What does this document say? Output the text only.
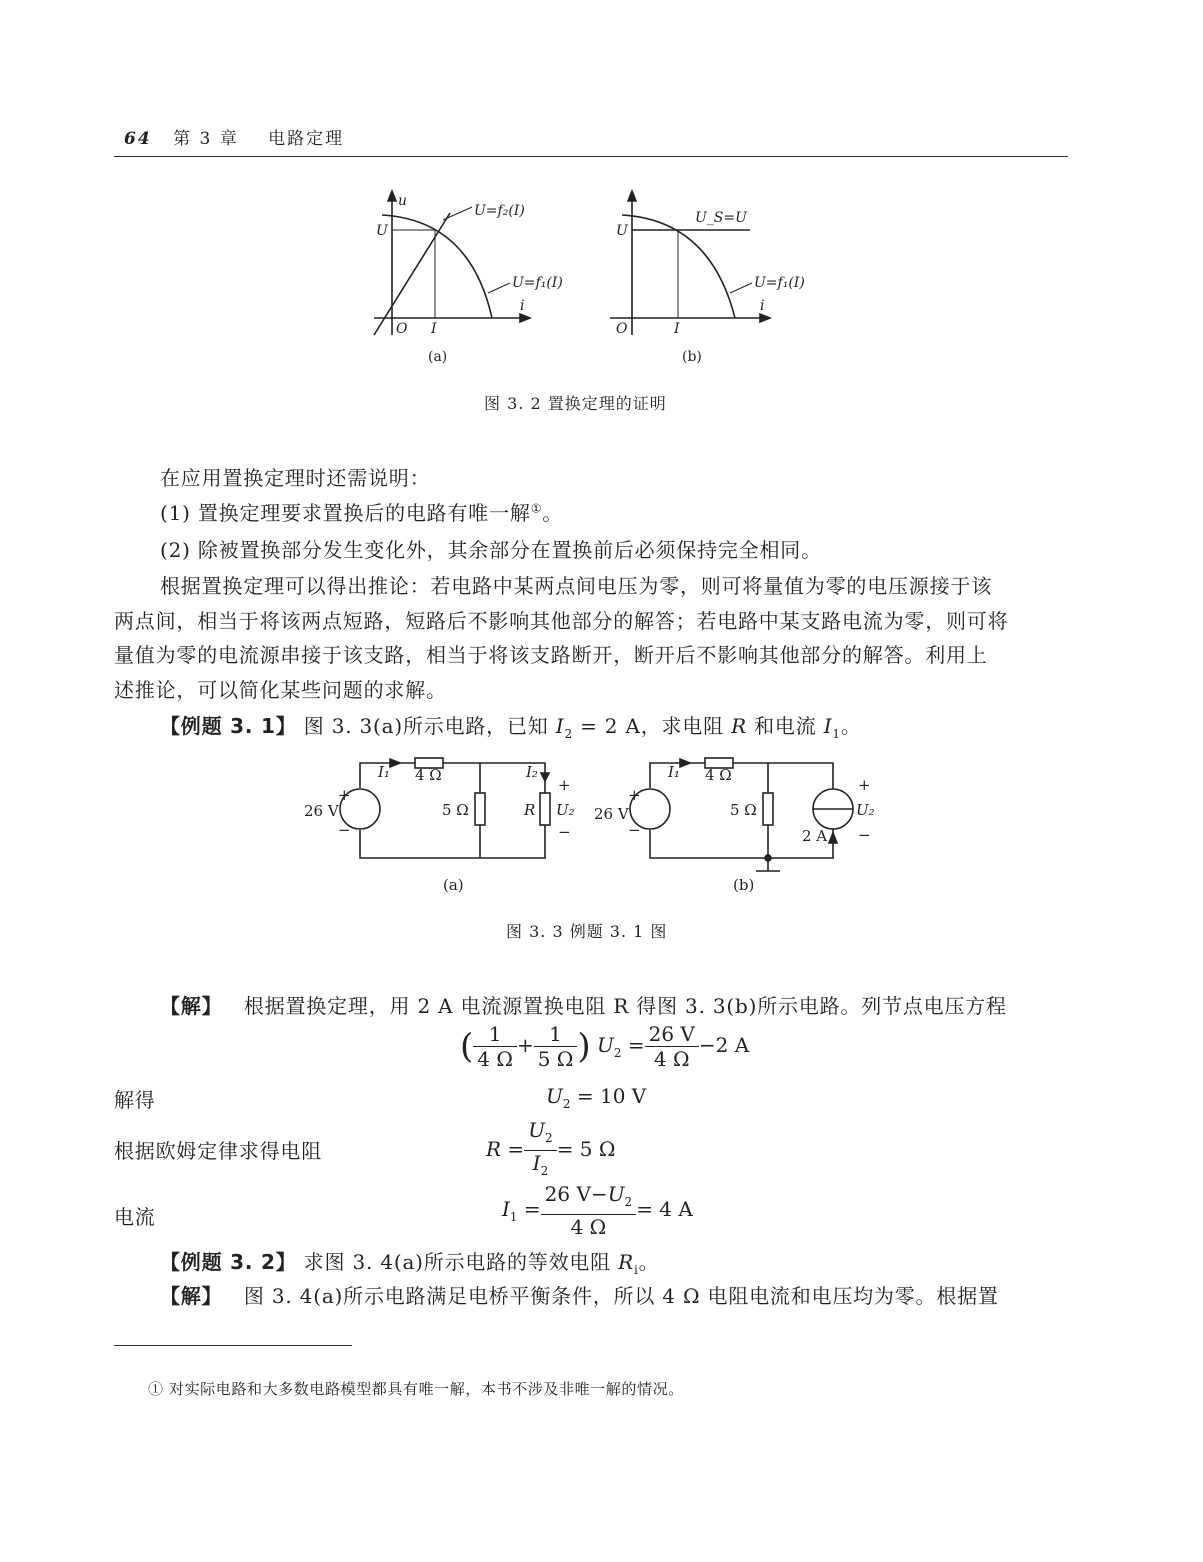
64 第 3 章 电路定理
u
U
U=f₂(I)
U=f₁(I)
i
O I
(a)
U
U_S=U
U=f₁(I)
i
O	I
(b)
图 3. 2 置换定理的证明
在应用置换定理时还需说明：
(1) 置换定理要求置换后的电路有唯一解①。
(2) 除被置换部分发生变化外，其余部分在置换前后必须保持完全相同。
根据置换定理可以得出推论：若电路中某两点间电压为零，则可将量值为零的电压源接于该
两点间，相当于将该两点短路，短路后不影响其他部分的解答；若电路中某支路电流为零，则可将
量值为零的电流源串接于该支路，相当于将该支路断开，断开后不影响其他部分的解答。利用上
述推论，可以简化某些问题的求解。
【例题 3. 1】 图 3. 3(a)所示电路，已知 $I_2 = 2$ A，求电阻 R 和电流 $I_1$。
I₁ 4 Ω
26 V
+
−
5 Ω
I₂
R U₂
+
−
(a)
I₁ 4 Ω
26 V
+
−
5 Ω
2 A
U₂
+
−
(b)
图 3. 3 例题 3. 1 图
【解】 根据置换定理，用 2 A 电流源置换电阻 R 得图 3. 3(b)所示电路。列节点电压方程
( $\frac{1}{4 \Omega} + \frac{1}{5 \Omega}$ ) $U_2 = \frac{26 V}{4 \Omega} -2$ A
解得	$U_2 = 10$ V
根据欧姆定律求得电阻	$R = \frac{U_2}{I_2} = 5$ Ω
电流	$I_1 = \frac{26 V-U_2}{4 \Omega} = 4$ A
【例题 3. 2】 求图 3. 4(a)所示电路的等效电阻 $R_i$。
【解】 图 3. 4(a)所示电路满足电桥平衡条件，所以 4 Ω 电阻电流和电压均为零。根据置
① 对实际电路和大多数电路模型都具有唯一解，本书不涉及非唯一解的情况。
